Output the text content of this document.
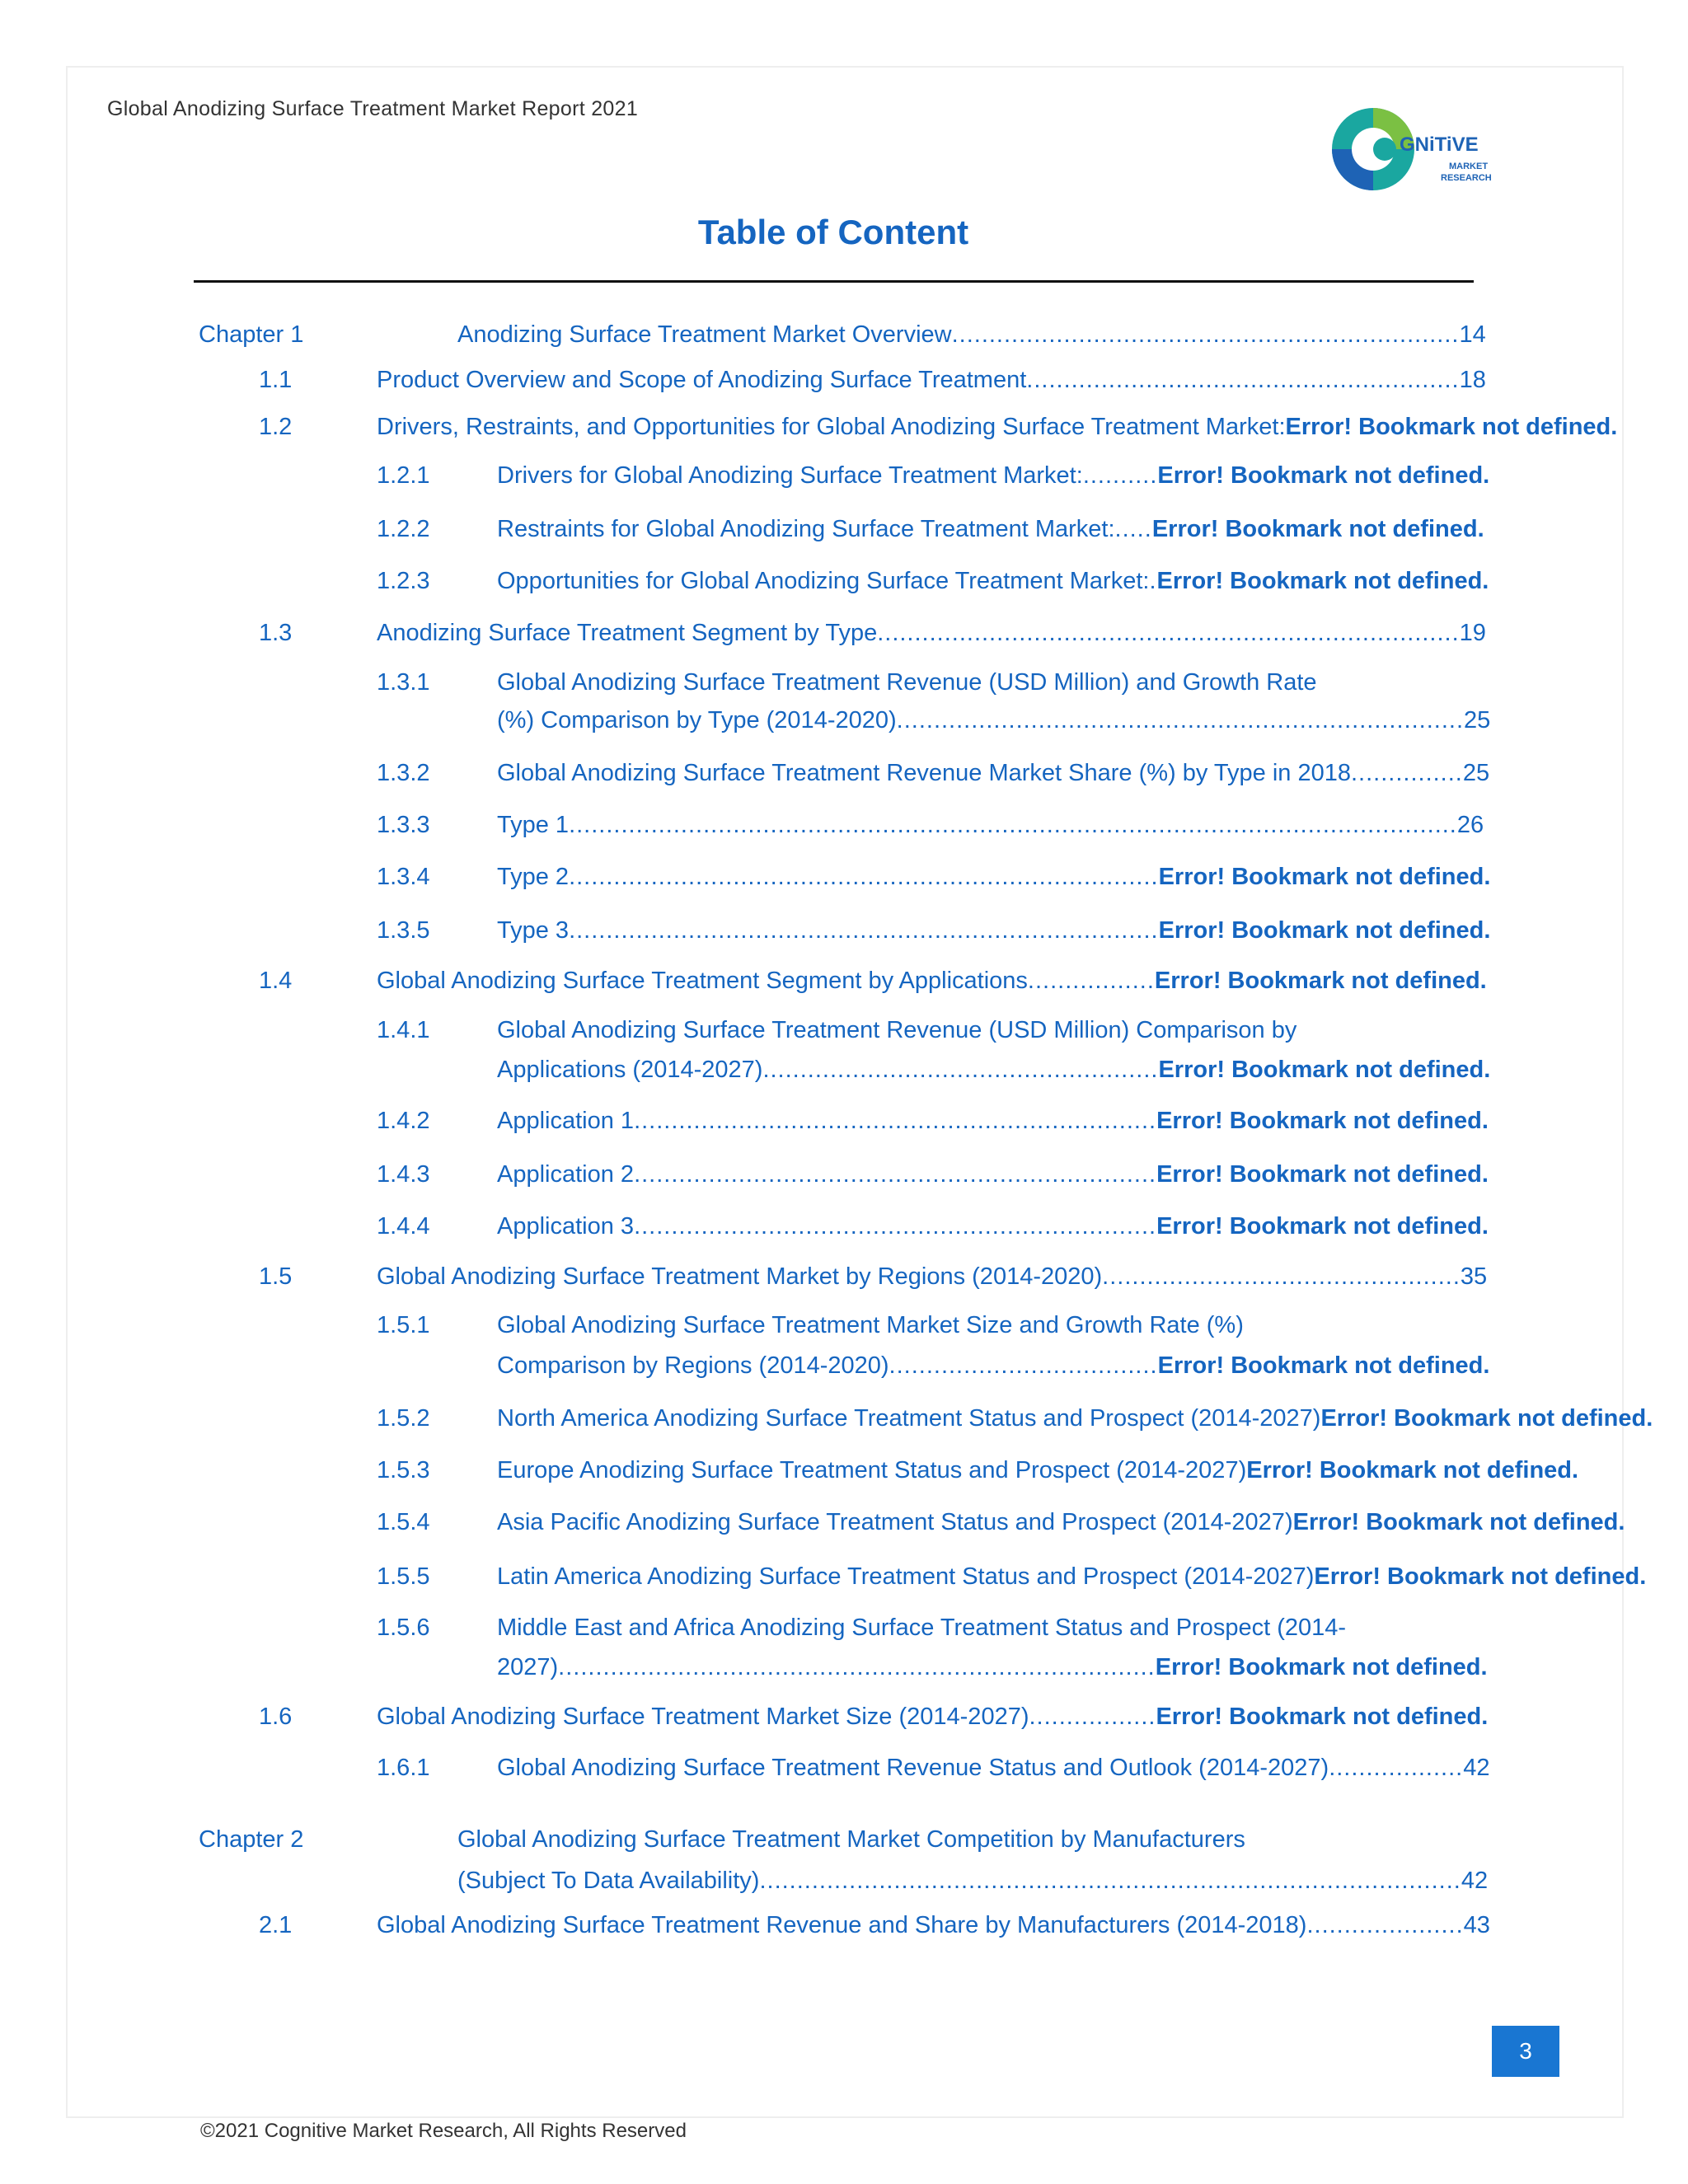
Global Anodizing Surface Treatment Market Report 2021
GNiTiVE
MARKET
RESEARCH
Table of Content
Chapter 1	Anodizing Surface Treatment Market Overview....................................................................14
1.1	Product Overview and Scope of Anodizing Surface Treatment..........................................................18
1.2	Drivers, Restraints, and Opportunities for Global Anodizing Surface Treatment Market:Error! Bookmark not defined.
1.2.1	Drivers for Global Anodizing Surface Treatment Market:..........Error! Bookmark not defined.
1.2.2	Restraints for Global Anodizing Surface Treatment Market:.....Error! Bookmark not defined.
1.2.3	Opportunities for Global Anodizing Surface Treatment Market:.Error! Bookmark not defined.
1.3	Anodizing Surface Treatment Segment by Type..............................................................................19
1.3.1	Global Anodizing Surface Treatment Revenue (USD Million) and Growth Rate
(%) Comparison by Type (2014-2020)............................................................................25
1.3.2	Global Anodizing Surface Treatment Revenue Market Share (%) by Type in 2018...............25
1.3.3	Type 1.......................................................................................................................26
1.3.4	Type 2...............................................................................Error! Bookmark not defined.
1.3.5	Type 3...............................................................................Error! Bookmark not defined.
1.4	Global Anodizing Surface Treatment Segment by Applications.................Error! Bookmark not defined.
1.4.1	Global Anodizing Surface Treatment Revenue (USD Million) Comparison by
Applications (2014-2027).....................................................Error! Bookmark not defined.
1.4.2	Application 1......................................................................Error! Bookmark not defined.
1.4.3	Application 2......................................................................Error! Bookmark not defined.
1.4.4	Application 3......................................................................Error! Bookmark not defined.
1.5	Global Anodizing Surface Treatment Market by Regions (2014-2020)................................................35
1.5.1	Global Anodizing Surface Treatment Market Size and Growth Rate (%)
Comparison by Regions (2014-2020)....................................Error! Bookmark not defined.
1.5.2	North America Anodizing Surface Treatment Status and Prospect (2014-2027)Error! Bookmark not defined.
1.5.3	Europe Anodizing Surface Treatment Status and Prospect (2014-2027)Error! Bookmark not defined.
1.5.4	Asia Pacific Anodizing Surface Treatment Status and Prospect (2014-2027)Error! Bookmark not defined.
1.5.5	Latin America Anodizing Surface Treatment Status and Prospect (2014-2027)Error! Bookmark not defined.
1.5.6	Middle East and Africa Anodizing Surface Treatment Status and Prospect (2014-
2027)................................................................................Error! Bookmark not defined.
1.6	Global Anodizing Surface Treatment Market Size (2014-2027).................Error! Bookmark not defined.
1.6.1	Global Anodizing Surface Treatment Revenue Status and Outlook (2014-2027)..................42
Chapter 2	Global Anodizing Surface Treatment Market Competition by Manufacturers
(Subject To Data Availability)..............................................................................................42
2.1	Global Anodizing Surface Treatment Revenue and Share by Manufacturers (2014-2018).....................43
3
©2021 Cognitive Market Research, All Rights Reserved
